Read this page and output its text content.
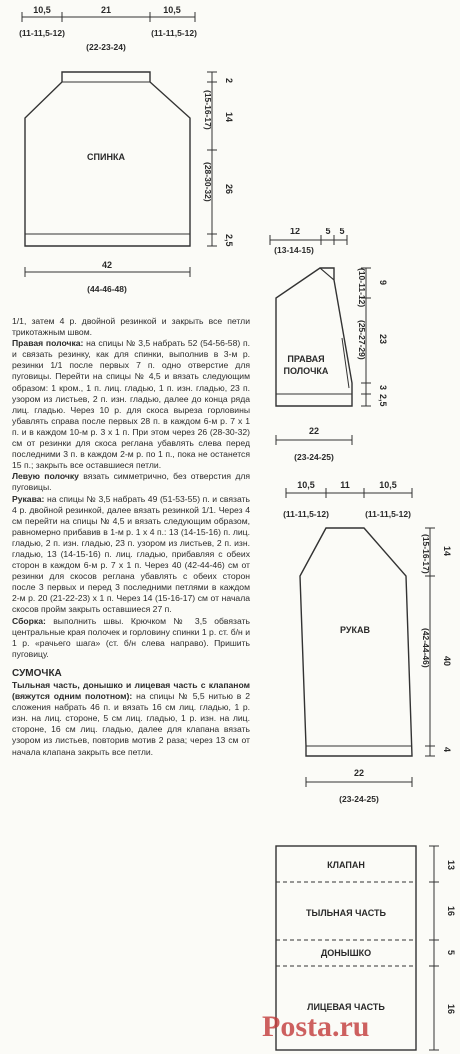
10,5	21	10,5
(11-11,5-12)
(22-23-24)
(11-11,5-12)
СПИНКА
2
14
(15-16-17)
26
(28-30-32)
2,5
42
(44-46-48)
12	5 5
(13-14-15)
ПРАВАЯ
ПОЛОЧКА
9
(10-11-12)
23
(25-27-29)
3
2,5
22
(23-24-25)
10,5	11	10,5
(11-11,5-12)	(11-11,5-12)
РУКАВ
14
(15-16-17)
40
(42-44-46)
4
22
(23-24-25)
КЛАПАН
ТЫЛЬНАЯ ЧАСТЬ
ДОНЫШКО
ЛИЦЕВАЯ ЧАСТЬ
13
16
5
16

1/1, затем 4 р. двойной резинкой и закрыть все петли трикотажным швом.

Правая полочка: на спицы № 3,5 набрать 52 (54-56-58) п. и связать резинку, как для спинки, выполнив в 3-м р. резинки 1/1 после первых 7 п. одно отверстие для пуговицы. Перейти на спицы № 4,5 и вязать следующим образом: 1 кром., 1 п. лиц. гладью, 1 п. изн. гладью, 23 п. узором из листьев, 2 п. изн. гладью, далее до конца ряда лиц. гладью. Через 10 р. для скоса выреза горловины убавлять справа после первых 28 п. в каждом 6-м р. 7 х 1 п. и в каждом 10-м р. 3 х 1 п. При этом через 26 (28-30-32) см от резинки для скоса реглана убавлять слева перед последними 3 п. в каждом 2-м р. по 1 п., пока не останется 15 п.; закрыть все оставшиеся петли.

Левую полочку вязать симметрично, без отверстия для пуговицы.

Рукава: на спицы № 3,5 набрать 49 (51-53-55) п. и связать 4 р. двойной резинкой, далее вязать резинкой 1/1. Через 4 см перейти на спицы № 4,5 и вязать следующим образом, равномерно прибавив в 1-м р. 1 х 4 п.: 13 (14-15-16) п. лиц. гладью, 2 п. изн. гладью, 23 п. узором из листьев, 2 п. изн. гладью, 13 (14-15-16) п. лиц. гладью, прибавляя с обеих сторон в каждом 6-м р. 7 х 1 п. Через 40 (42-44-46) см от резинки для скосов реглана убавлять с обеих сторон после 3 первых и перед 3 последними петлями в каждом 2-м р. 20 (21-22-23) х 1 п. Через 14 (15-16-17) см от начала скосов пройм закрыть оставшиеся 27 п.

Сборка: выполнить швы. Крючком № 3,5 обвязать центральные края полочек и горловину спинки 1 р. ст. б/н и 1 р. «рачьего шага» (ст. б/н слева направо). Пришить пуговицу.

СУМОЧКА

Тыльная часть, донышко и лицевая часть с клапаном (вяжутся одним полотном): на спицы № 5,5 нитью в 2 сложения набрать 46 п. и вязать 16 см лиц. гладью, 1 р. изн. на лиц. стороне, 5 см лиц. гладью, 1 р. изн. на лиц. стороне, 16 см лиц. гладью, далее для клапана вязать узором из листьев, повторив мотив 2 раза; через 13 см от начала клапана закрыть все петли.

Posta.ru
